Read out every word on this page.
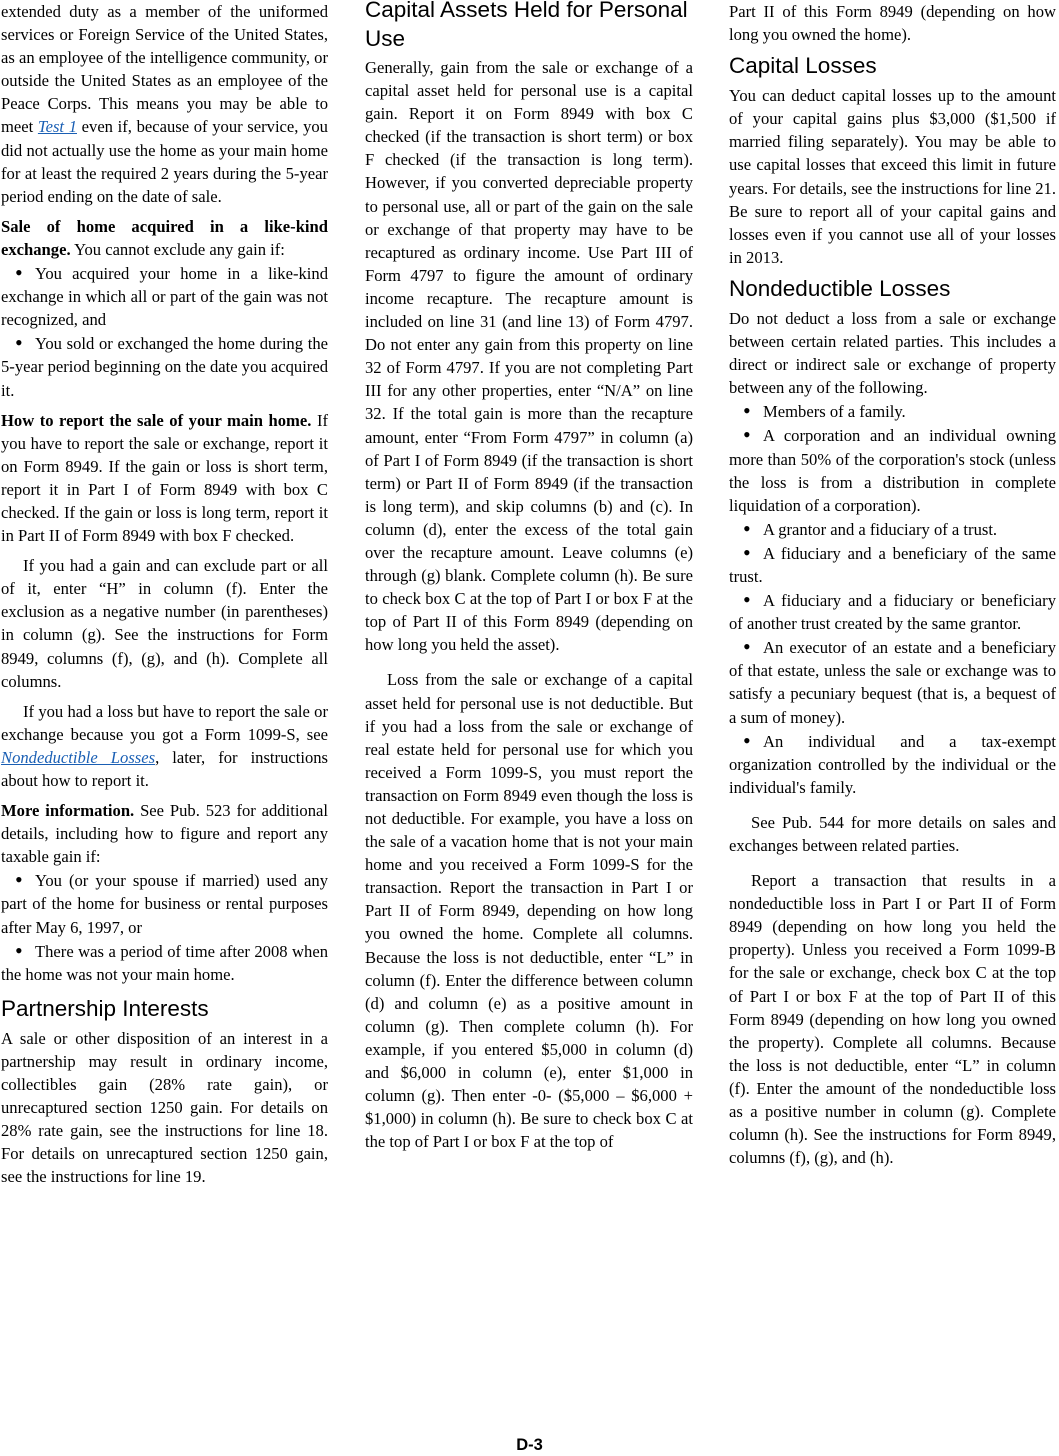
extended duty as a member of the uniformed services or Foreign Service of the United States, as an employee of the intelligence community, or outside the United States as an employee of the Peace Corps. This means you may be able to meet Test 1 even if, because of your service, you did not actually use the home as your main home for at least the required 2 years during the 5-year period ending on the date of sale.

Sale of home acquired in a like-kind exchange. You cannot exclude any gain if:

• You acquired your home in a like-kind exchange in which all or part of the gain was not recognized, and

• You sold or exchanged the home during the 5-year period beginning on the date you acquired it.

How to report the sale of your main home. If you have to report the sale or exchange, report it on Form 8949. If the gain or loss is short term, report it in Part I of Form 8949 with box C checked. If the gain or loss is long term, report it in Part II of Form 8949 with box F checked.

If you had a gain and can exclude part or all of it, enter “H” in column (f). Enter the exclusion as a negative number (in parentheses) in column (g). See the instructions for Form 8949, columns (f), (g), and (h). Complete all columns.

If you had a loss but have to report the sale or exchange because you got a Form 1099-S, see Nondeductible Losses, later, for instructions about how to report it.

More information. See Pub. 523 for additional details, including how to figure and report any taxable gain if:

• You (or your spouse if married) used any part of the home for business or rental purposes after May 6, 1997, or

• There was a period of time after 2008 when the home was not your main home.

Partnership Interests

A sale or other disposition of an interest in a partnership may result in ordinary income, collectibles gain (28% rate gain), or unrecaptured section 1250 gain. For details on 28% rate gain, see the instructions for line 18. For details on unrecaptured section 1250 gain, see the instructions for line 19.

Capital Assets Held for Personal Use

Generally, gain from the sale or exchange of a capital asset held for personal use is a capital gain. Report it on Form 8949 with box C checked (if the transaction is short term) or box F checked (if the transaction is long term). However, if you converted depreciable property to personal use, all or part of the gain on the sale or exchange of that property may have to be recaptured as ordinary income. Use Part III of Form 4797 to figure the amount of ordinary income recapture. The recapture amount is included on line 31 (and line 13) of Form 4797. Do not enter any gain from this property on line 32 of Form 4797. If you are not completing Part III for any other properties, enter “N/A” on line 32. If the total gain is more than the recapture amount, enter “From Form 4797” in column (a) of Part I of Form 8949 (if the transaction is short term) or Part II of Form 8949 (if the transaction is long term), and skip columns (b) and (c). In column (d), enter the excess of the total gain over the recapture amount. Leave columns (e) through (g) blank. Complete column (h). Be sure to check box C at the top of Part I or box F at the top of Part II of this Form 8949 (depending on how long you held the asset).

Loss from the sale or exchange of a capital asset held for personal use is not deductible. But if you had a loss from the sale or exchange of real estate held for personal use for which you received a Form 1099-S, you must report the transaction on Form 8949 even though the loss is not deductible. For example, you have a loss on the sale of a vacation home that is not your main home and you received a Form 1099-S for the transaction. Report the transaction in Part I or Part II of Form 8949, depending on how long you owned the home. Complete all columns. Because the loss is not deductible, enter “L” in column (f). Enter the difference between column (d) and column (e) as a positive amount in column (g). Then complete column (h). For example, if you entered $5,000 in column (d) and $6,000 in column (e), enter $1,000 in column (g). Then enter -0- ($5,000 – $6,000 + $1,000) in column (h). Be sure to check box C at the top of Part I or box F at the top of

Part II of this Form 8949 (depending on how long you owned the home).

Capital Losses

You can deduct capital losses up to the amount of your capital gains plus $3,000 ($1,500 if married filing separately). You may be able to use capital losses that exceed this limit in future years. For details, see the instructions for line 21. Be sure to report all of your capital gains and losses even if you cannot use all of your losses in 2013.

Nondeductible Losses

Do not deduct a loss from a sale or exchange between certain related parties. This includes a direct or indirect sale or exchange of property between any of the following.

• Members of a family.

• A corporation and an individual owning more than 50% of the corporation's stock (unless the loss is from a distribution in complete liquidation of a corporation).

• A grantor and a fiduciary of a trust.

• A fiduciary and a beneficiary of the same trust.

• A fiduciary and a fiduciary or beneficiary of another trust created by the same grantor.

• An executor of an estate and a beneficiary of that estate, unless the sale or exchange was to satisfy a pecuniary bequest (that is, a bequest of a sum of money).

• An individual and a tax-exempt organization controlled by the individual or the individual's family.

See Pub. 544 for more details on sales and exchanges between related parties.

Report a transaction that results in a nondeductible loss in Part I or Part II of Form 8949 (depending on how long you held the property). Unless you received a Form 1099-B for the sale or exchange, check box C at the top of Part I or box F at the top of Part II of this Form 8949 (depending on how long you owned the property). Complete all columns. Because the loss is not deductible, enter “L” in column (f). Enter the amount of the nondeductible loss as a positive number in column (g). Complete column (h). See the instructions for Form 8949, columns (f), (g), and (h).

D-3
